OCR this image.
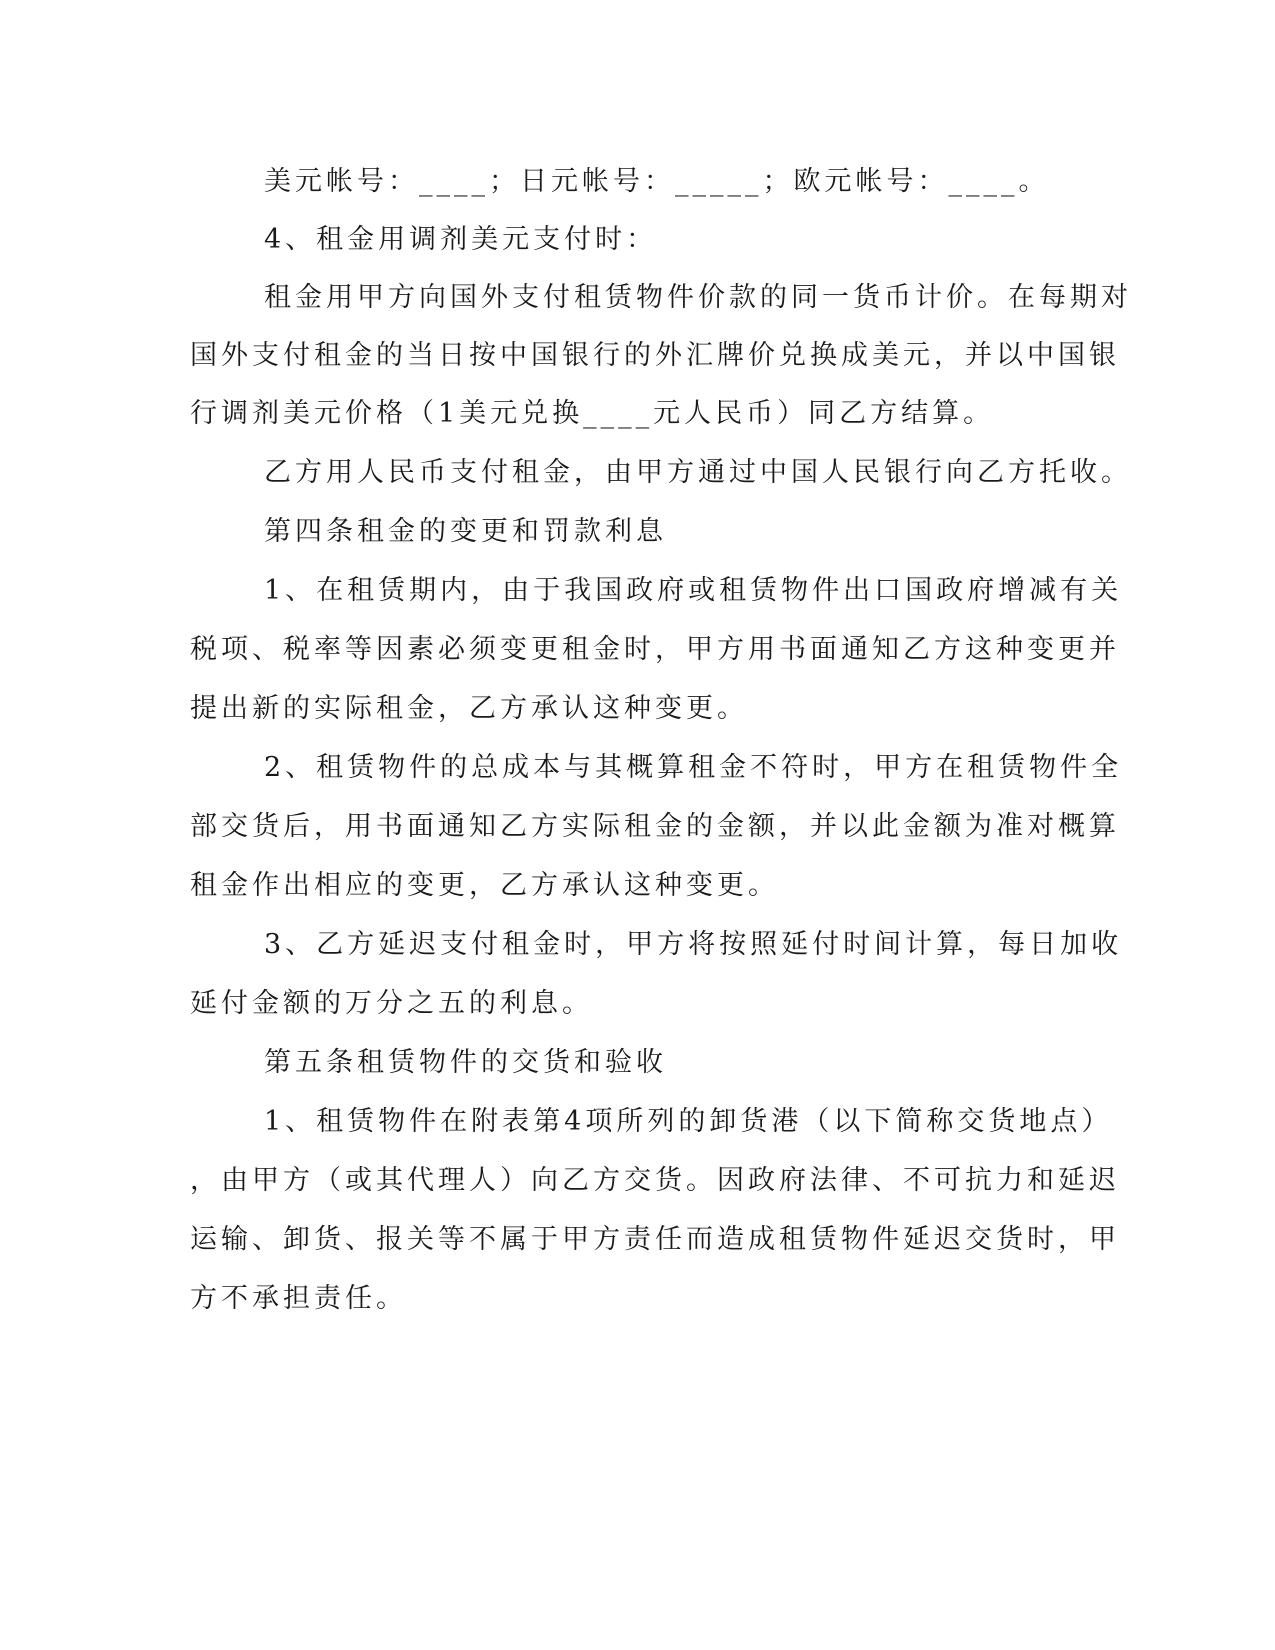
美元帐号：____；日元帐号：_____；欧元帐号：____。
4、租金用调剂美元支付时：
租金用甲方向国外支付租赁物件价款的同一货币计价。在每期对
国外支付租金的当日按中国银行的外汇牌价兑换成美元，并以中国银
行调剂美元价格（1美元兑换____元人民币）同乙方结算。
乙方用人民币支付租金，由甲方通过中国人民银行向乙方托收。
第四条租金的变更和罚款利息
1、在租赁期内，由于我国政府或租赁物件出口国政府增减有关
税项、税率等因素必须变更租金时，甲方用书面通知乙方这种变更并
提出新的实际租金，乙方承认这种变更。
2、租赁物件的总成本与其概算租金不符时，甲方在租赁物件全
部交货后，用书面通知乙方实际租金的金额，并以此金额为准对概算
租金作出相应的变更，乙方承认这种变更。
3、乙方延迟支付租金时，甲方将按照延付时间计算，每日加收
延付金额的万分之五的利息。
第五条租赁物件的交货和验收
1、租赁物件在附表第4项所列的卸货港（以下简称交货地点）
，由甲方（或其代理人）向乙方交货。因政府法律、不可抗力和延迟
运输、卸货、报关等不属于甲方责任而造成租赁物件延迟交货时，甲
方不承担责任。
